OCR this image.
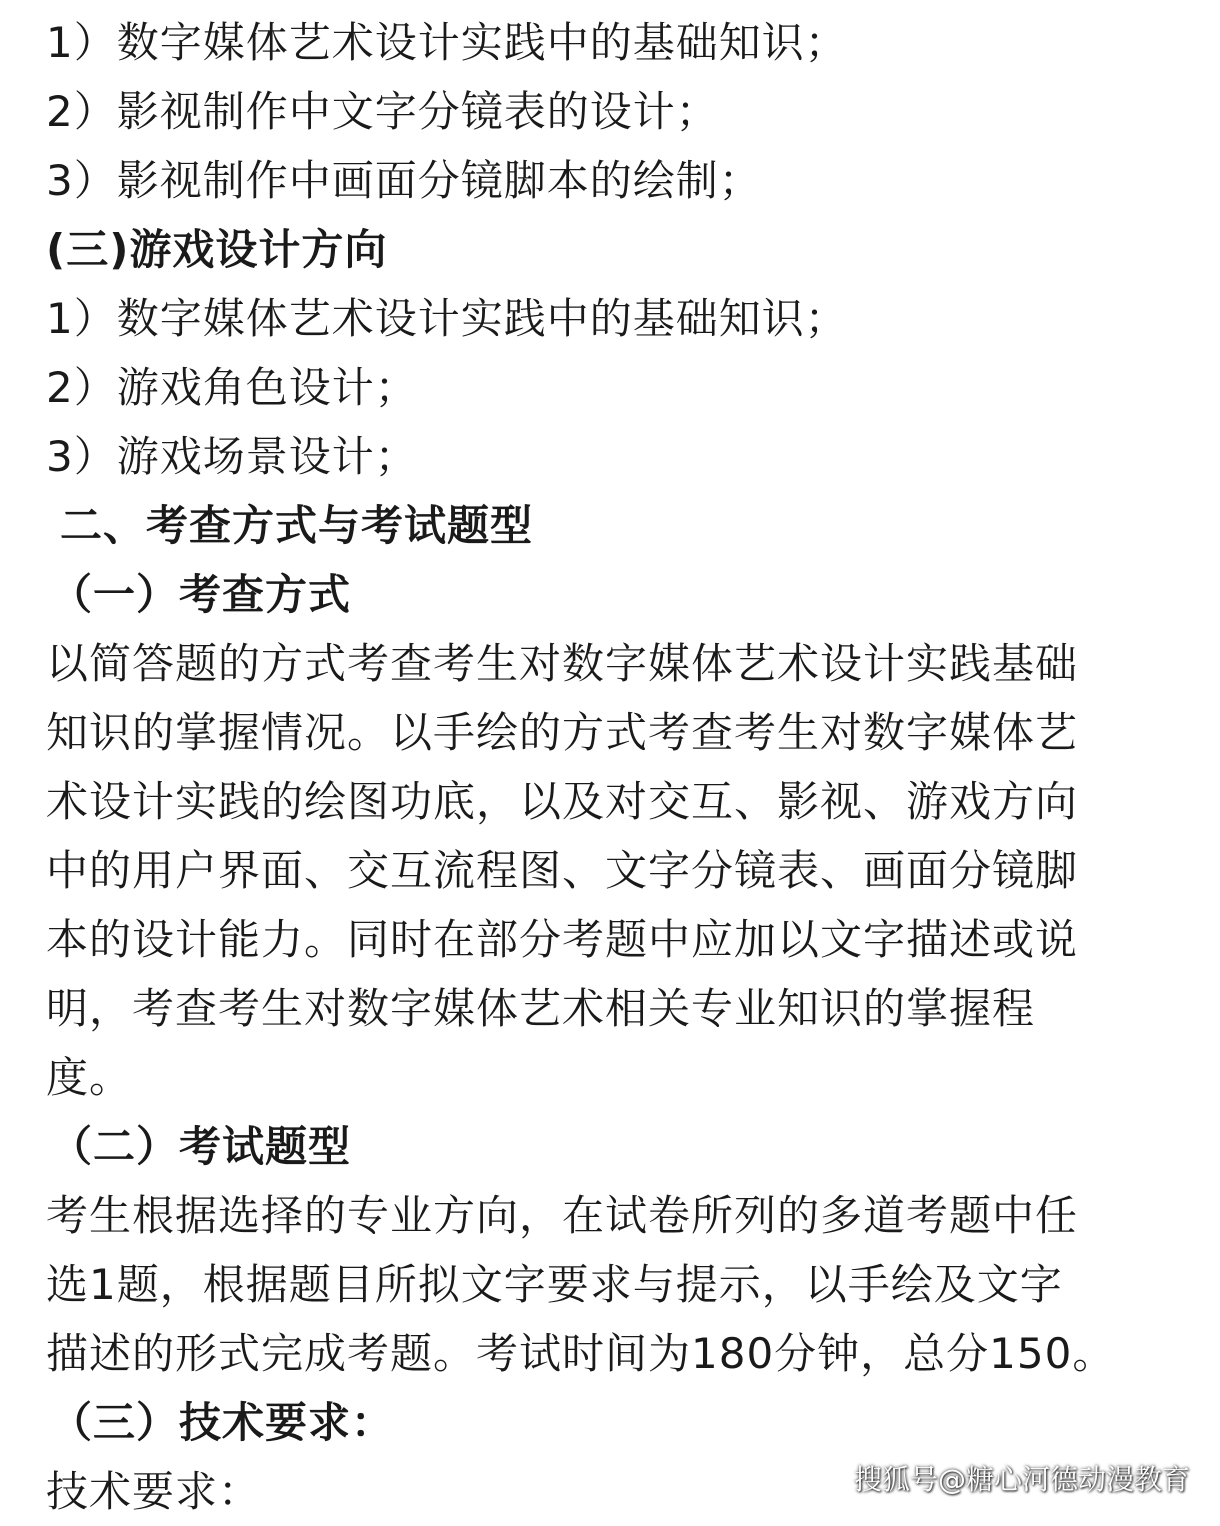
1）数字媒体艺术设计实践中的基础知识；
2）影视制作中文字分镜表的设计；
3）影视制作中画面分镜脚本的绘制；
(三)游戏设计方向
1）数字媒体艺术设计实践中的基础知识；
2）游戏角色设计；
3）游戏场景设计；
二、考查方式与考试题型
（一）考查方式
以简答题的方式考查考生对数字媒体艺术设计实践基础
知识的掌握情况。以手绘的方式考查考生对数字媒体艺
术设计实践的绘图功底，以及对交互、影视、游戏方向
中的用户界面、交互流程图、文字分镜表、画面分镜脚
本的设计能力。同时在部分考题中应加以文字描述或说
明，考查考生对数字媒体艺术相关专业知识的掌握程
度。
（二）考试题型
考生根据选择的专业方向，在试卷所列的多道考题中任
选1题，根据题目所拟文字要求与提示，以手绘及文字
描述的形式完成考题。考试时间为180分钟，总分150。
（三）技术要求：
技术要求：	搜狐号@糖心河德动漫教育
